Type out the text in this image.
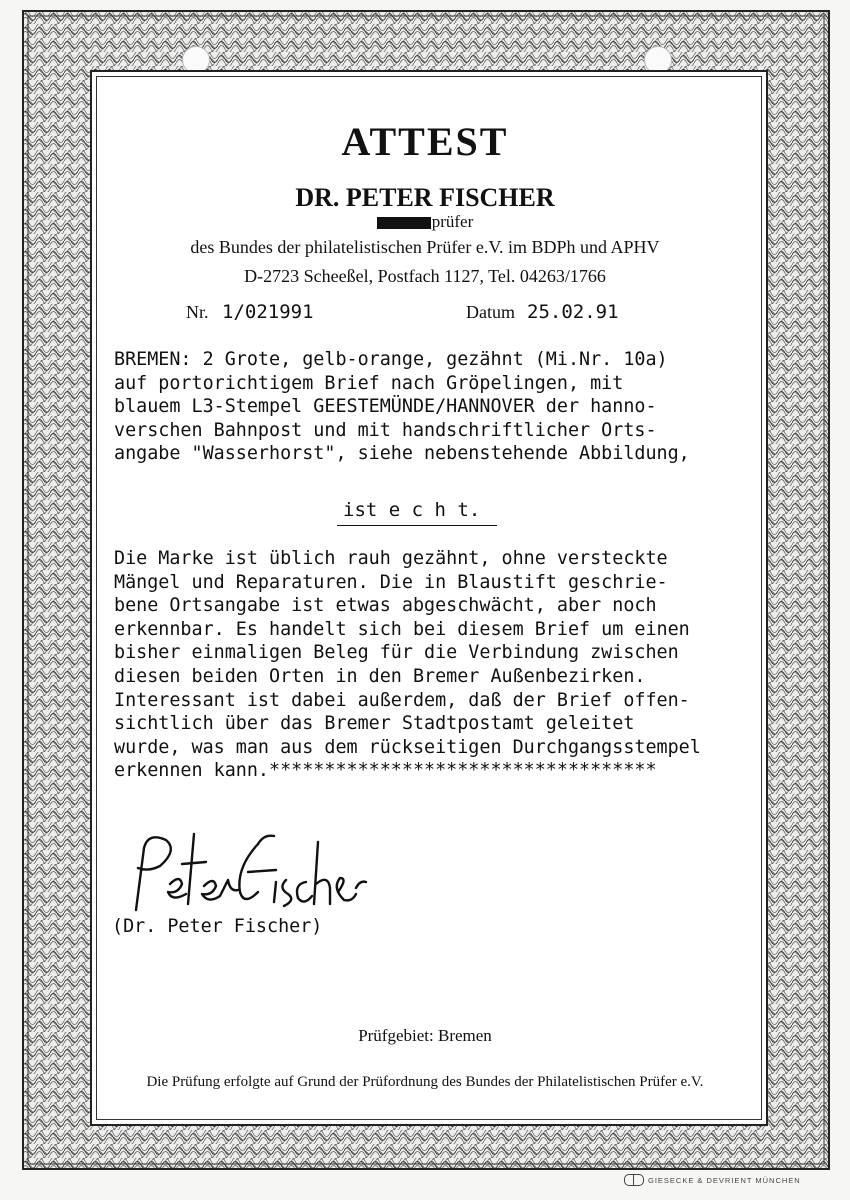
ATTEST
DR. PETER FISCHER
prüfer
des Bundes der philatelistischen Prüfer e.V. im BDPh und APHV
D-2723 Scheeßel, Postfach 1127, Tel. 04263/1766
Nr. 1/021991	Datum 25.02.91
BREMEN: 2 Grote, gelb-orange, gezähnt (Mi.Nr. 10a)
auf portorichtigem Brief nach Gröpelingen, mit
blauem L3-Stempel GEESTEMÜNDE/HANNOVER der hanno-
verschen Bahnpost und mit handschriftlicher Orts-
angabe "Wasserhorst", siehe nebenstehende Abbildung,
ist e c h t.
Die Marke ist üblich rauh gezähnt, ohne versteckte
Mängel und Reparaturen. Die in Blaustift geschrie-
bene Ortsangabe ist etwas abgeschwächt, aber noch
erkennbar. Es handelt sich bei diesem Brief um einen
bisher einmaligen Beleg für die Verbindung zwischen
diesen beiden Orten in den Bremer Außenbezirken.
Interessant ist dabei außerdem, daß der Brief offen-
sichtlich über das Bremer Stadtpostamt geleitet
wurde, was man aus dem rückseitigen Durchgangsstempel
erkennen kann.***********************************
(Dr. Peter Fischer)
Prüfgebiet: Bremen
Die Prüfung erfolgte auf Grund der Prüfordnung des Bundes der Philatelistischen Prüfer e.V.
GIESECKE & DEVRIENT MÜNCHEN
